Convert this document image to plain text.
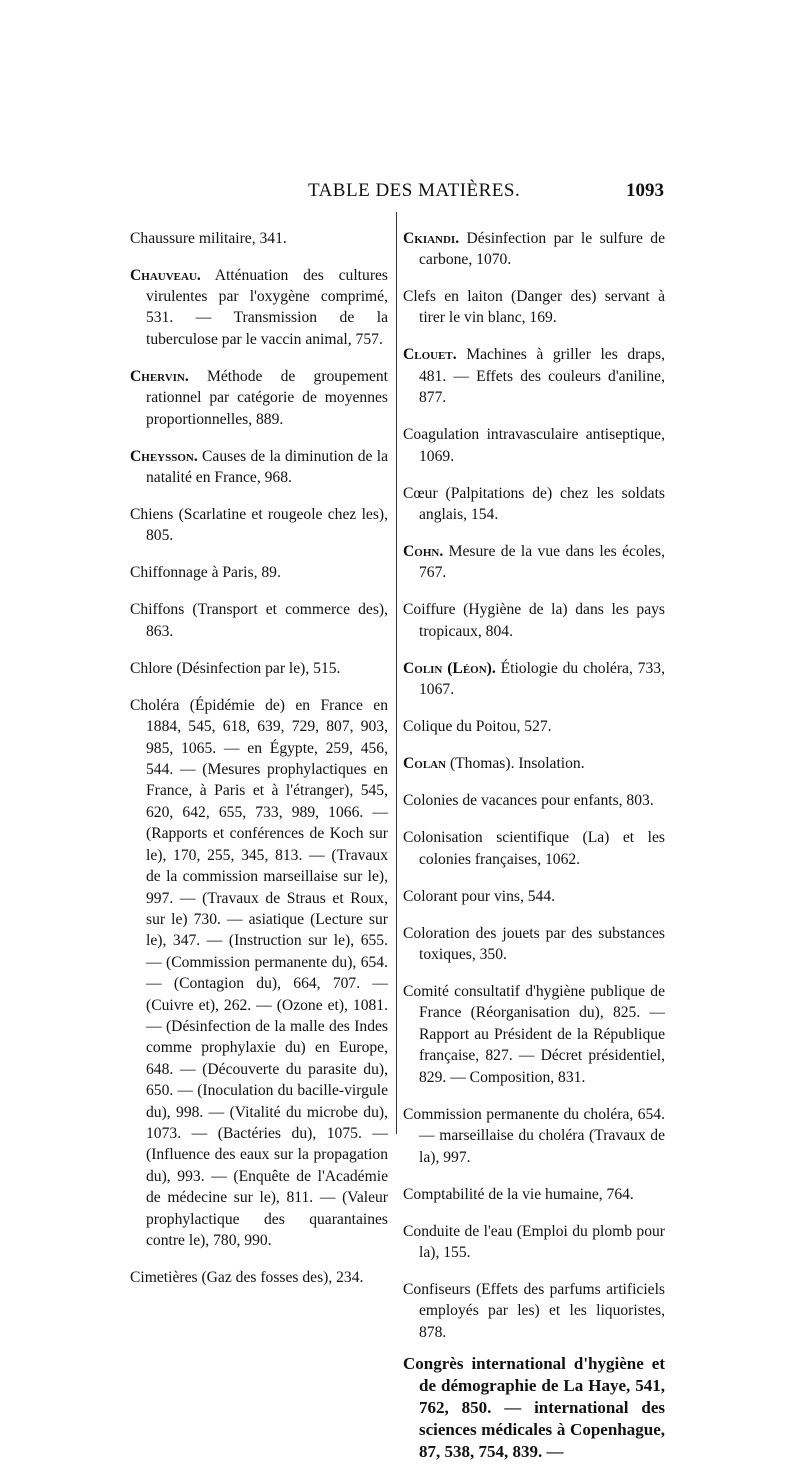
TABLE DES MATIÈRES.	1093

Chaussure militaire, 341.

Chauveau. Atténuation des cultures virulentes par l'oxygène comprimé, 531. — Transmission de la tuberculose par le vaccin animal, 757.

Chervin. Méthode de groupement rationnel par catégorie de moyennes proportionnelles, 889.

Cheysson. Causes de la diminution de la natalité en France, 968.

Chiens (Scarlatine et rougeole chez les), 805.

Chiffonnage à Paris, 89.

Chiffons (Transport et commerce des), 863.

Chlore (Désinfection par le), 515.

Choléra (Épidémie de) en France en 1884, 545, 618, 639, 729, 807, 903, 985, 1065. — en Égypte, 259, 456, 544. — (Mesures prophylactiques en France, à Paris et à l'étranger), 545, 620, 642, 655, 733, 989, 1066. — (Rapports et conférences de Koch sur le), 170, 255, 345, 813. — (Travaux de la commission marseillaise sur le), 997. — (Travaux de Straus et Roux, sur le) 730. — asiatique (Lecture sur le), 347. — (Instruction sur le), 655. — (Commission permanente du), 654. — (Contagion du), 664, 707. — (Cuivre et), 262. — (Ozone et), 1081. — (Désinfection de la malle des Indes comme prophylaxie du) en Europe, 648. — (Découverte du parasite du), 650. — (Inoculation du bacille-virgule du), 998. — (Vitalité du microbe du), 1073. — (Bactéries du), 1075. — (Influence des eaux sur la propagation du), 993. — (Enquête de l'Académie de médecine sur le), 811. — (Valeur prophylactique des quarantaines contre le), 780, 990.

Cimetières (Gaz des fosses des), 234.

Ckiandi. Désinfection par le sulfure de carbone, 1070.

Clefs en laiton (Danger des) servant à tirer le vin blanc, 169.

Clouet. Machines à griller les draps, 481. — Effets des couleurs d'aniline, 877.

Coagulation intravasculaire antiseptique, 1069.

Cœur (Palpitations de) chez les soldats anglais, 154.

Cohn. Mesure de la vue dans les écoles, 767.

Coiffure (Hygiène de la) dans les pays tropicaux, 804.

Colin (Léon). Étiologie du choléra, 733, 1067.

Colique du Poitou, 527.

Colan (Thomas). Insolation.

Colonies de vacances pour enfants, 803.

Colonisation scientifique (La) et les colonies françaises, 1062.

Colorant pour vins, 544.

Coloration des jouets par des substances toxiques, 350.

Comité consultatif d'hygiène publique de France (Réorganisation du), 825. — Rapport au Président de la République française, 827. — Décret présidentiel, 829. — Composition, 831.

Commission permanente du choléra, 654. — marseillaise du choléra (Travaux de la), 997.

Comptabilité de la vie humaine, 764.

Conduite de l'eau (Emploi du plomb pour la), 155.

Confiseurs (Effets des parfums artificiels employés par les) et les liquoristes, 878.

Congrès international d'hygiène et de démographie de La Haye, 541, 762, 850. — international des sciences médicales à Copenhague, 87, 538, 754, 839. —
